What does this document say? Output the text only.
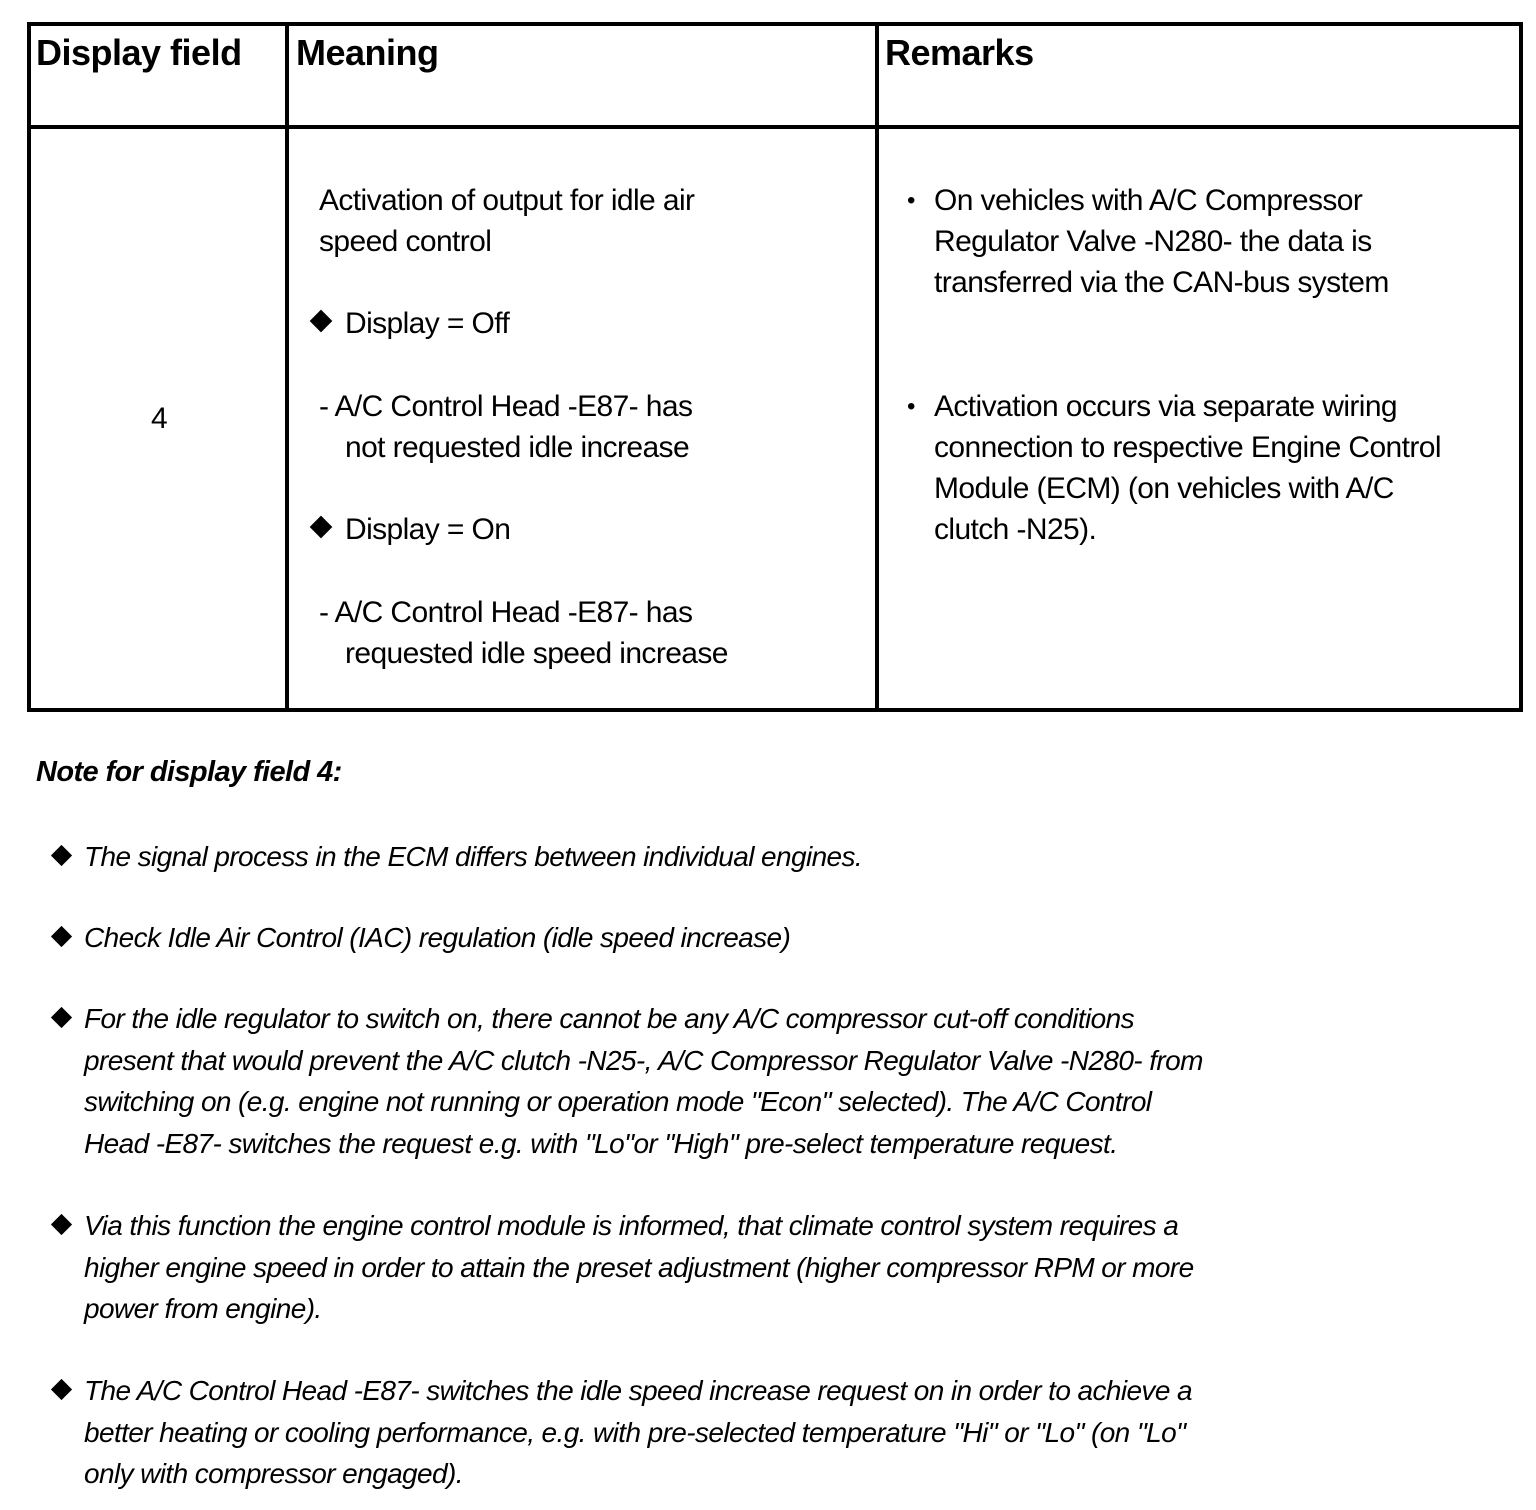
Display field Meaning	Remarks
4
Activation of output for idle air
speed control
Display = Off
- A/C Control Head -E87- has
not requested idle increase
Display = On
- A/C Control Head -E87- has
requested idle speed increase
• On vehicles with A/C Compressor
Regulator Valve -N280- the data is
transferred via the CAN-bus system
• Activation occurs via separate wiring
connection to respective Engine Control
Module (ECM) (on vehicles with A/C
clutch -N25).
Note for display field 4:
The signal process in the ECM differs between individual engines.
Check Idle Air Control (IAC) regulation (idle speed increase)
For the idle regulator to switch on, there cannot be any A/C compressor cut-off conditions
present that would prevent the A/C clutch -N25-, A/C Compressor Regulator Valve -N280- from
switching on (e.g. engine not running or operation mode "Econ" selected). The A/C Control
Head -E87- switches the request e.g. with "Lo"or "High" pre-select temperature request.
Via this function the engine control module is informed, that climate control system requires a
higher engine speed in order to attain the preset adjustment (higher compressor RPM or more
power from engine).
The A/C Control Head -E87- switches the idle speed increase request on in order to achieve a
better heating or cooling performance, e.g. with pre-selected temperature "Hi" or "Lo" (on "Lo"
only with compressor engaged).
